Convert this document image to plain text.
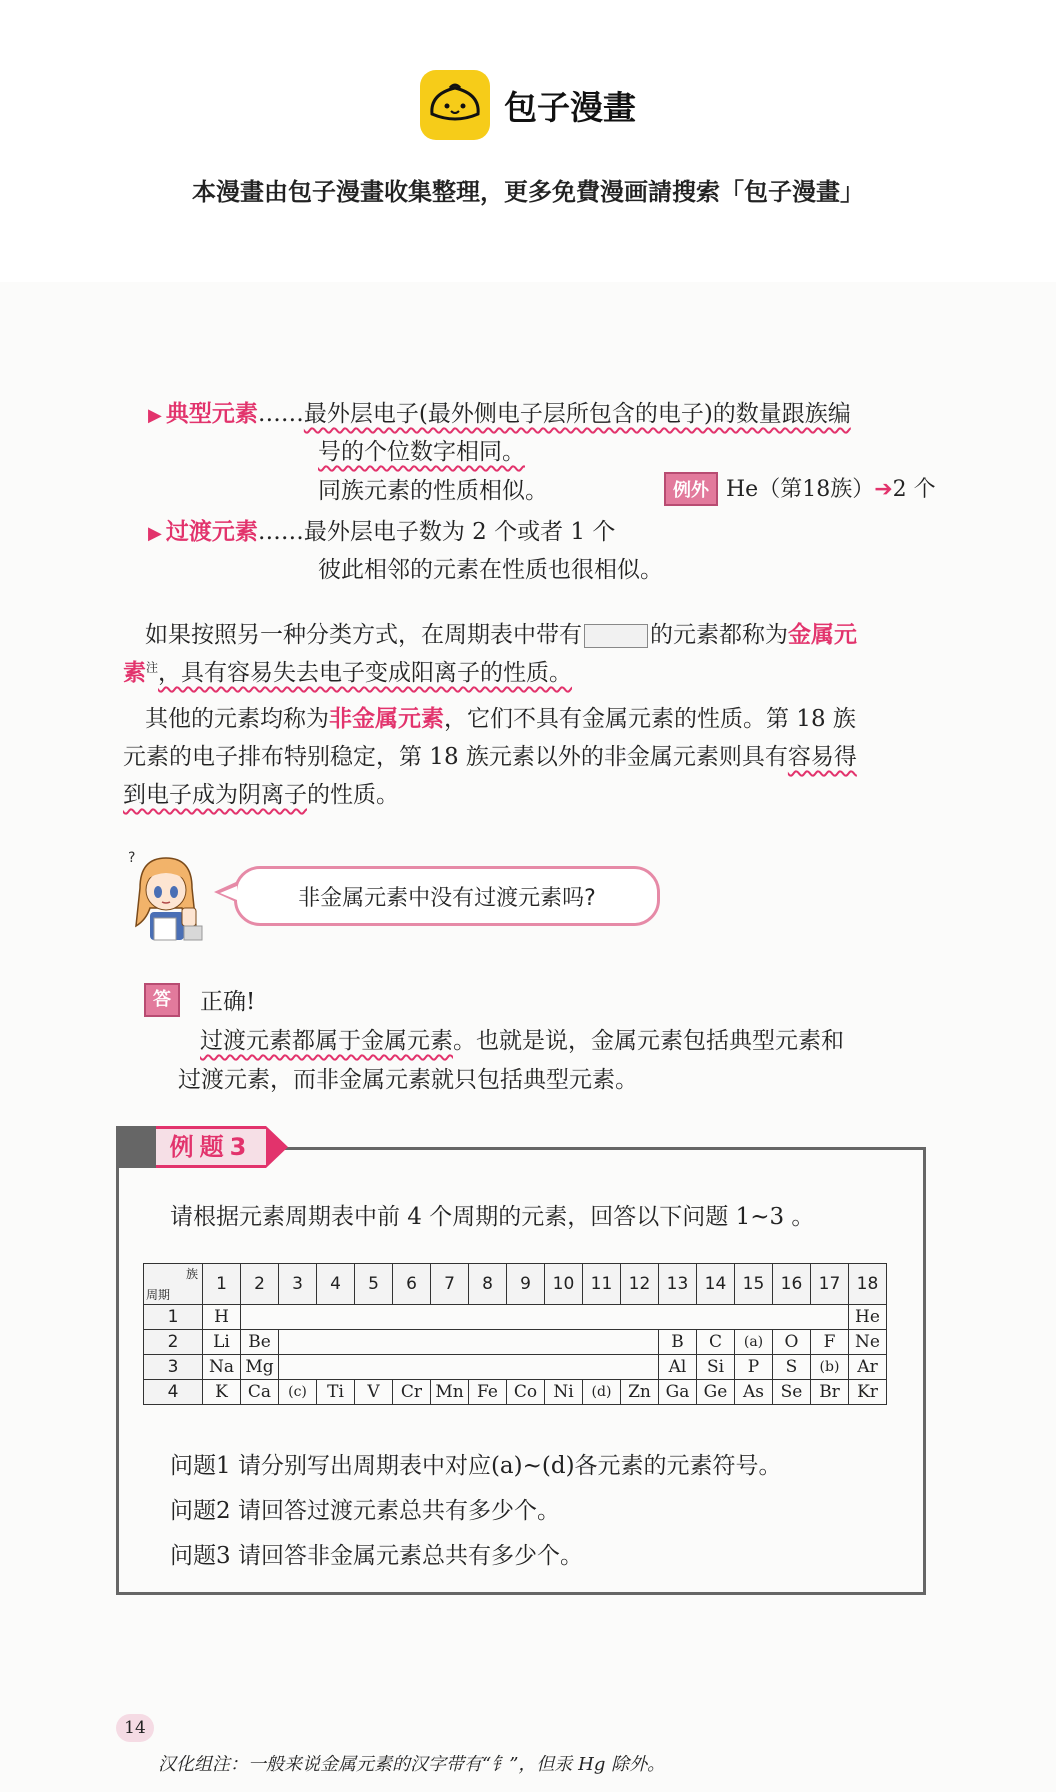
包子漫畫
本漫畫由包子漫畫收集整理，更多免費漫画請搜索「包子漫畫」
▶ 典型元素……最外层电子(最外侧电子层所包含的电子)的数量跟族编
号的个位数字相同。
同族元素的性质相似。	例外 He（第18族）➔2 个
▶ 过渡元素……最外层电子数为 2 个或者 1 个
彼此相邻的元素在性质也很相似。
如果按照另一种分类方式，在周期表中带有	的元素都称为金属元
素$^注$，具有容易失去电子变成阳离子的性质。
其他的元素均称为非金属元素，它们不具有金属元素的性质。第 18 族
元素的电子排布特别稳定，第 18 族元素以外的非金属元素则具有容易得
到电子成为阴离子的性质。
?
非金属元素中没有过渡元素吗?
答	正确!
过渡元素都属于金属元素。也就是说，金属元素包括典型元素和
过渡元素，而非金属元素就只包括典型元素。
例题3
请根据元素周期表中前 4 个周期的元素，回答以下问题 1~3 。
族
周期	1	2	3	4	5	6	7	8	9	10	11	12	13	14	15	16	17	18
1	H																	He
2	Li	Be											B	C	(a)	O	F	Ne
3	Na	Mg											Al	Si	P	S	(b)	Ar
4	K	Ca	(c)	Ti	V	Cr	Mn	Fe	Co	Ni	(d)	Zn	Ga	Ge	As	Se	Br	Kr
问题1 请分别写出周期表中对应(a)~(d)各元素的元素符号。
问题2 请回答过渡元素总共有多少个。
问题3 请回答非金属元素总共有多少个。
14
汉化组注：一般来说金属元素的汉字带有“钅”，但汞 Hg 除外。
